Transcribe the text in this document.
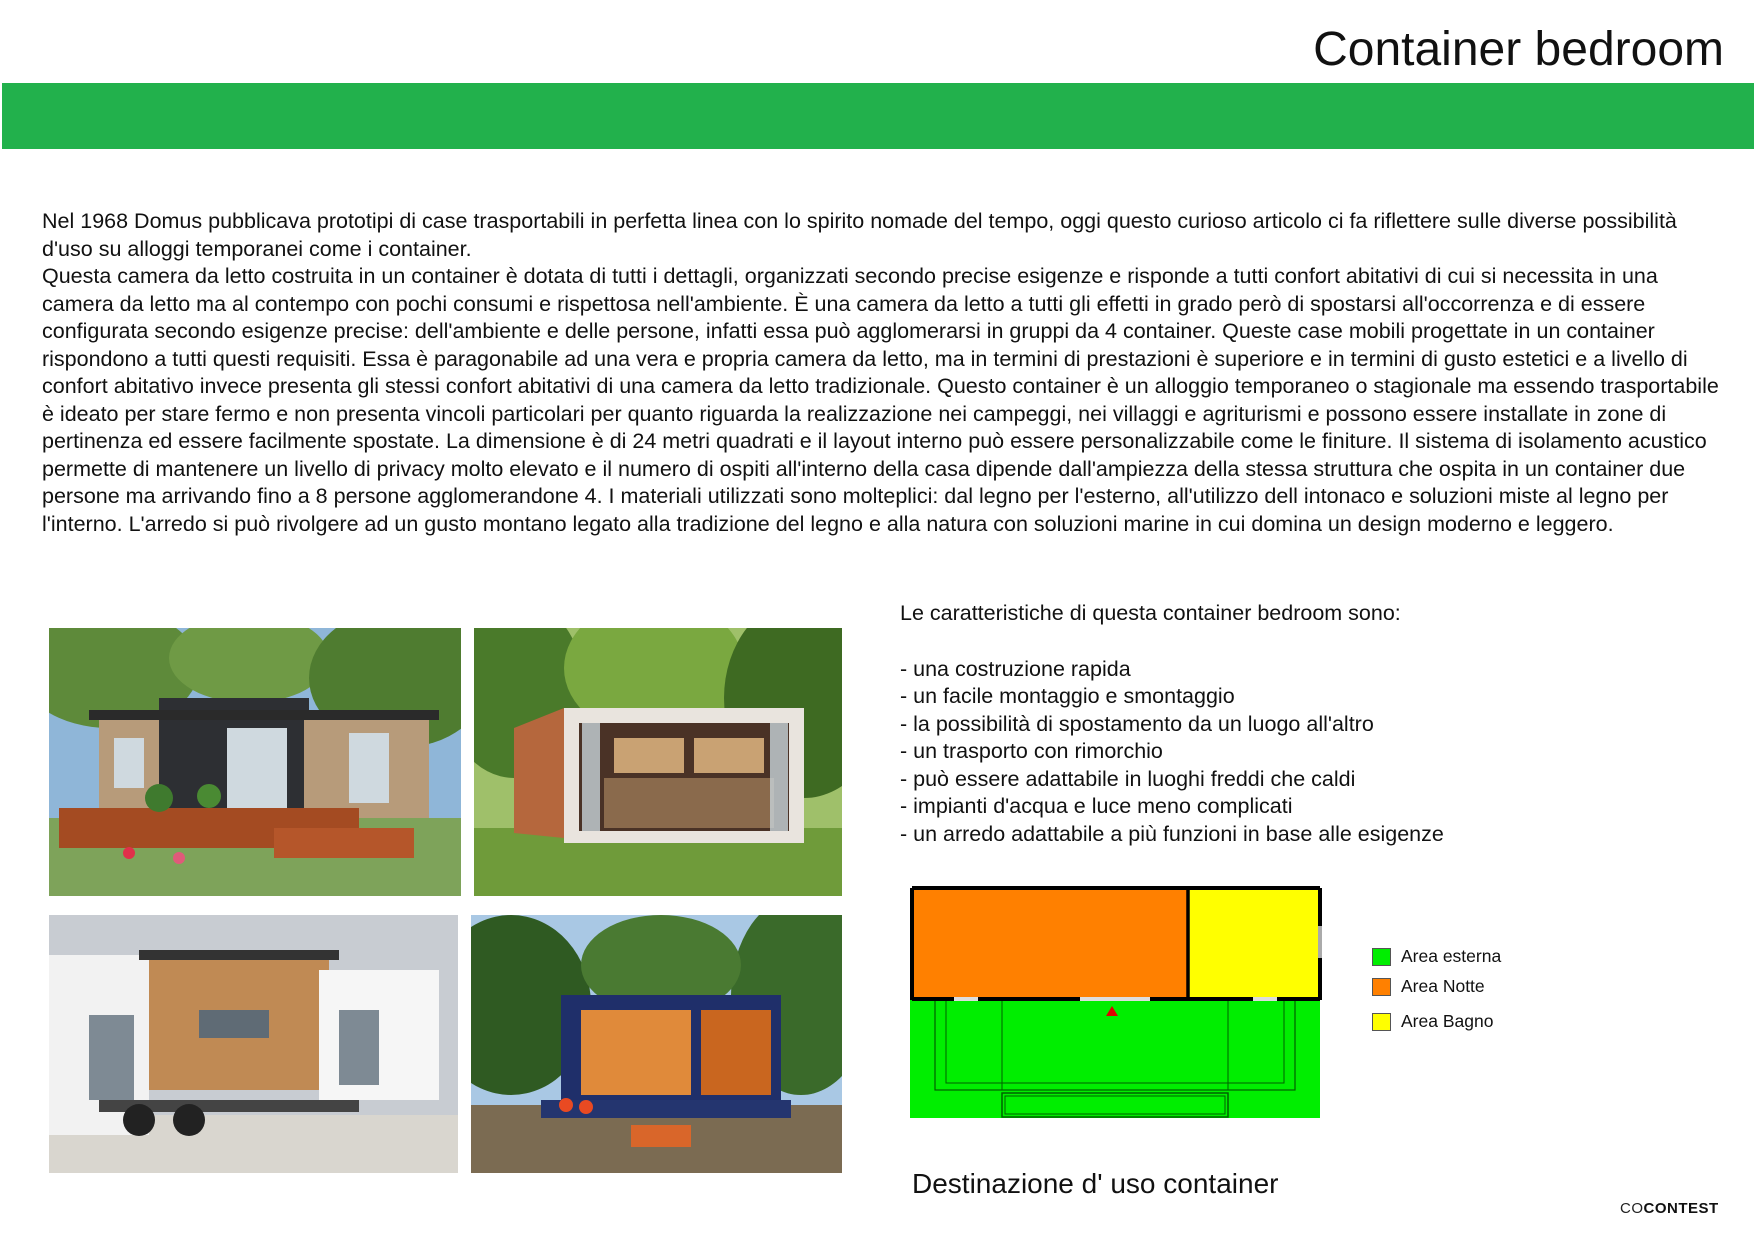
Container bedroom

Nel 1968 Domus pubblicava prototipi di case trasportabili in perfetta linea con lo spirito nomade del tempo, oggi questo curioso articolo ci fa riflettere sulle diverse possibilità d'uso su alloggi temporanei come i container.

Questa camera da letto costruita in un container è dotata di tutti i dettagli, organizzati secondo precise esigenze e risponde a tutti confort abitativi di cui si necessita in una camera da letto ma al contempo con pochi consumi e rispettosa nell'ambiente. È una camera da letto a tutti gli effetti in grado però di spostarsi all'occorrenza e di essere configurata secondo esigenze precise: dell'ambiente e delle persone, infatti essa può agglomerarsi in gruppi da 4 container. Queste case mobili progettate in un container rispondono a tutti questi requisiti. Essa è paragonabile ad una vera e propria camera da letto, ma in termini di prestazioni è superiore e in termini di gusto estetici e a livello di confort abitativo invece presenta gli stessi confort abitativi di una camera da letto tradizionale. Questo container è un alloggio temporaneo o stagionale ma essendo trasportabile è ideato per stare fermo e non presenta vincoli particolari per quanto riguarda la realizzazione nei campeggi, nei villaggi e agriturismi e possono essere installate in zone di pertinenza ed essere facilmente spostate. La dimensione è di 24 metri quadrati e il layout interno può essere personalizzabile come le finiture. Il sistema di isolamento acustico permette di mantenere un livello di privacy molto elevato e il numero di ospiti all'interno della casa dipende dall'ampiezza della stessa struttura che ospita in un container due persone ma arrivando fino a 8 persone agglomerandone 4. I materiali utilizzati sono molteplici: dal legno per l'esterno, all'utilizzo dell intonaco e soluzioni miste al legno per l'interno. L'arredo si può rivolgere ad un gusto montano legato alla tradizione del legno e alla natura con soluzioni marine in cui domina un design moderno e leggero.

Le caratteristiche di questa container bedroom sono:

- una costruzione rapida
- un facile montaggio e smontaggio
- la possibilità di spostamento da un luogo all'altro
- un trasporto con rimorchio
- può essere adattabile in luoghi freddi che caldi
- impianti d'acqua e luce meno complicati
- un arredo adattabile a più funzioni in base alle esigenze
Area esterna
Area Notte
Area Bagno
Destinazione d' uso container
COCONTEST
